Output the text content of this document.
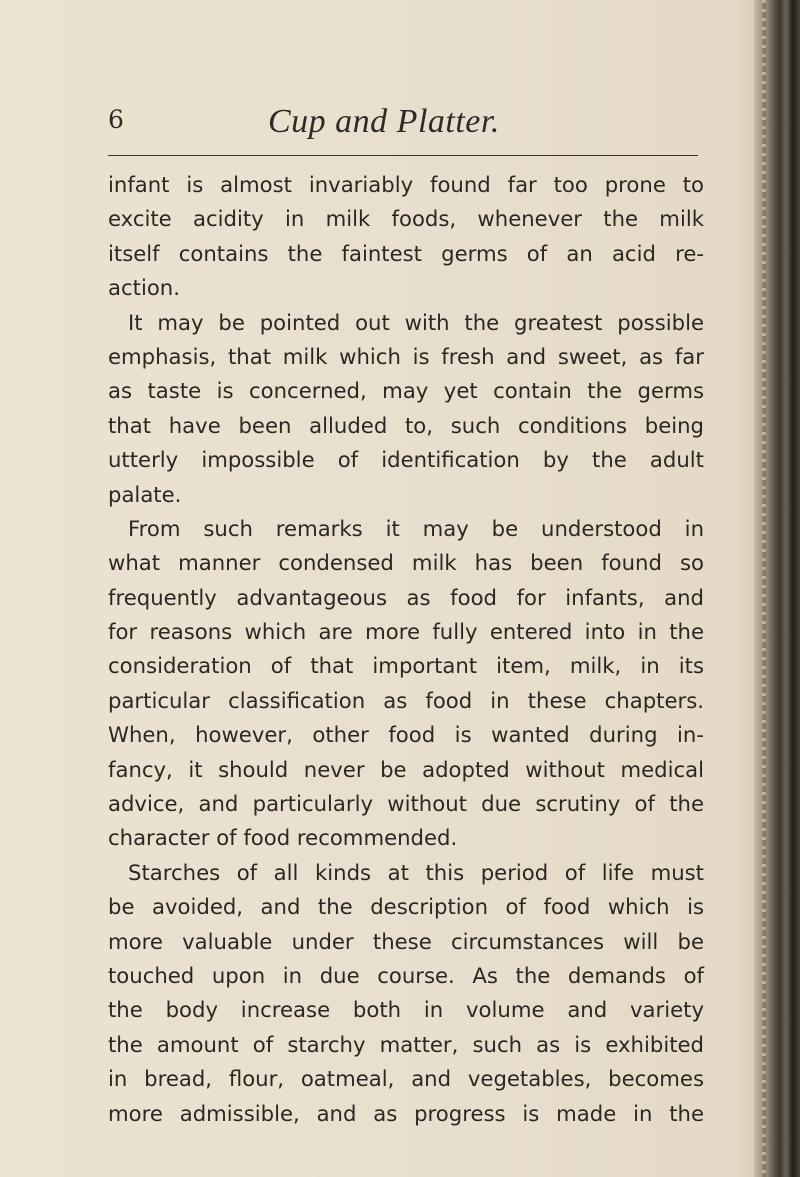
6	Cup and Platter.
infant is almost invariably found far too prone to
excite acidity in milk foods, whenever the milk
itself contains the faintest germs of an acid re-
action.
It may be pointed out with the greatest possible
emphasis, that milk which is fresh and sweet, as far
as taste is concerned, may yet contain the germs
that have been alluded to, such conditions being
utterly impossible of identification by the adult
palate.
From such remarks it may be understood in
what manner condensed milk has been found so
frequently advantageous as food for infants, and
for reasons which are more fully entered into in the
consideration of that important item, milk, in its
particular classification as food in these chapters.
When, however, other food is wanted during in-
fancy, it should never be adopted without medical
advice, and particularly without due scrutiny of the
character of food recommended.
Starches of all kinds at this period of life must
be avoided, and the description of food which is
more valuable under these circumstances will be
touched upon in due course. As the demands of
the body increase both in volume and variety
the amount of starchy matter, such as is exhibited
in bread, flour, oatmeal, and vegetables, becomes
more admissible, and as progress is made in the
